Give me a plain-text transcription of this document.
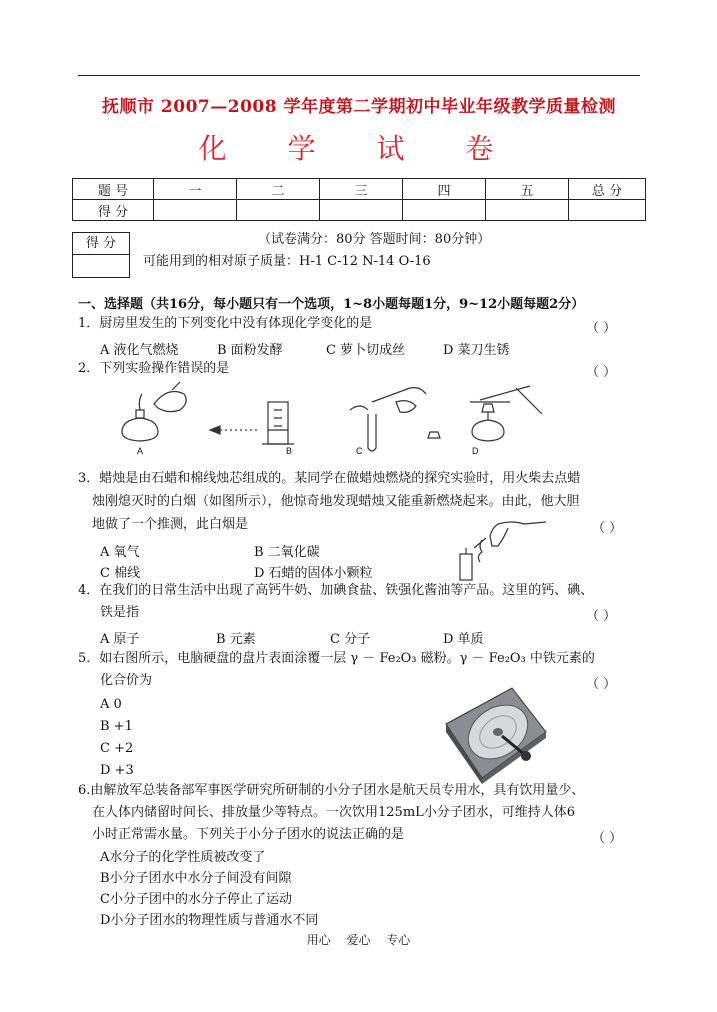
抚顺市 2007—2008 学年度第二学期初中毕业年级教学质量检测
化 学 试 卷
题 号	一	二	三	四	五	总 分
得 分						
得 分	（试卷满分：80分 答题时间：80分钟）
可能用到的相对原子质量：H-1 C-12 N-14 O-16
一、选择题（共16分，每小题只有一个选项，1~8小题每题1分，9~12小题每题2分）
1．厨房里发生的下列变化中没有体现化学变化的是	（ ）
A 液化气燃烧	B 面粉发酵	C 萝卜切成丝	D 菜刀生锈
2．下列实验操作错误的是	（ ）
A	B	C	D
3．蜡烛是由石蜡和棉线烛芯组成的。某同学在做蜡烛燃烧的探究实验时，用火柴去点蜡
烛刚熄灭时的白烟（如图所示），他惊奇地发现蜡烛又能重新燃烧起来。由此，他大胆
地做了一个推测，此白烟是	（ ）
A 氧气	B 二氧化碳
C 棉线	D 石蜡的固体小颗粒
4．在我们的日常生活中出现了高钙牛奶、加碘食盐、铁强化酱油等产品。这里的钙、碘、
铁是指	（ ）
A 原子	B 元素	C 分子	D 单质
5．如右图所示，电脑硬盘的盘片表面涂覆一层 γ － Fe₂O₃ 磁粉。γ － Fe₂O₃ 中铁元素的
化合价为	（ ）
A 0
B +1
C +2
D +3
6.由解放军总装备部军事医学研究所研制的小分子团水是航天员专用水，具有饮用量少、
在人体内储留时间长、排放量少等特点。一次饮用125mL小分子团水，可维持人体6
小时正常需水量。下列关于小分子团水的说法正确的是	（ ）
A水分子的化学性质被改变了
B小分子团水中水分子间没有间隙
C小分子团中的水分子停止了运动
D小分子团水的物理性质与普通水不同
用心 爱心 专心
